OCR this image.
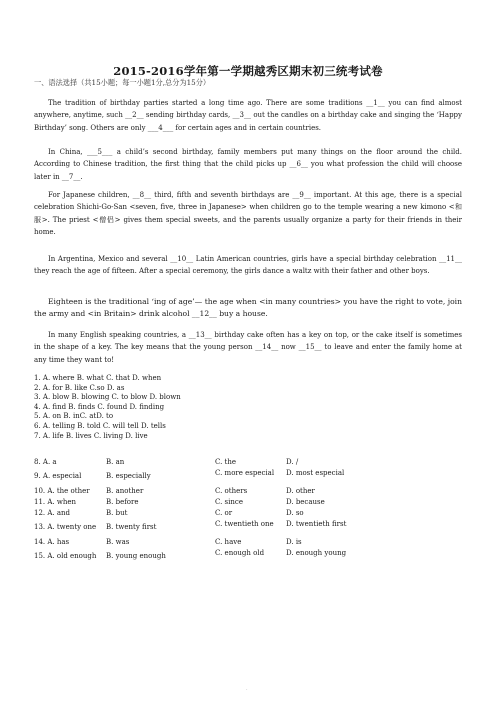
2015-2016学年第一学期越秀区期末初三统考试卷
一、语法选择（共15小题；每一小题1分,总分为15分）

The tradition of birthday parties started a long time ago. There are some traditions __1__ you can find almost anywhere, anytime, such __2__ sending birthday cards, __3__ out the candles on a birthday cake and singing the ‘Happy Birthday’ song. Others are only ___4___ for certain ages and in certain countries.

In China, ___5___ a child’s second birthday, family members put many things on the floor around the child. According to Chinese tradition, the first thing that the child picks up __6__ you what profession the child will choose later in __7__.

For Japanese children, __8__ third, fifth and seventh birthdays are __9__ important. At this age, there is a special celebration Shichi-Go-San <seven, five, three in Japanese> when children go to the temple wearing a new kimono <和服>. The priest <僧侣> gives them special sweets, and the parents usually organize a party for their friends in their home.

In Argentina, Mexico and several __10__ Latin American countries, girls have a special birthday celebration __11__ they reach the age of fifteen. After a special ceremony, the girls dance a waltz with their father and other boys.

Eighteen is the traditional ‘ing of age’— the age when <in many countries> you have the right to vote, join the army and <in Britain> drink alcohol __12__ buy a house.

In many English speaking countries, a __13__ birthday cake often has a key on top, or the cake itself is sometimes in the shape of a key. The key means that the young person __14__ now __15__ to leave and enter the family home at any time they want to!

1. A. where B. what C. that D. when
2. A. for B. like C.so D. as
3. A. blow B. blowing C. to blow D. blown
4. A. find B. finds C. found D. finding
5. A. on B. inC. atD. to
6. A. telling B. told C. will tell D. tells
7. A. life B. lives C. living D. live
8. A. a	B. an	C. the	D. /
9. A. especial	B. especially	C. more especial D. most especial
10. A. the other B. another	C. others	D. other
11. A. when	B. before	C. since	D. because
12. A. and	B. but	C. or	D. so
13. A. twenty one B. twenty first	C. twentieth one D. twentieth first
14. A. has	B. was	C. have	D. is
15. A. old enough B. young enough	C. enough old	D. enough young
.
